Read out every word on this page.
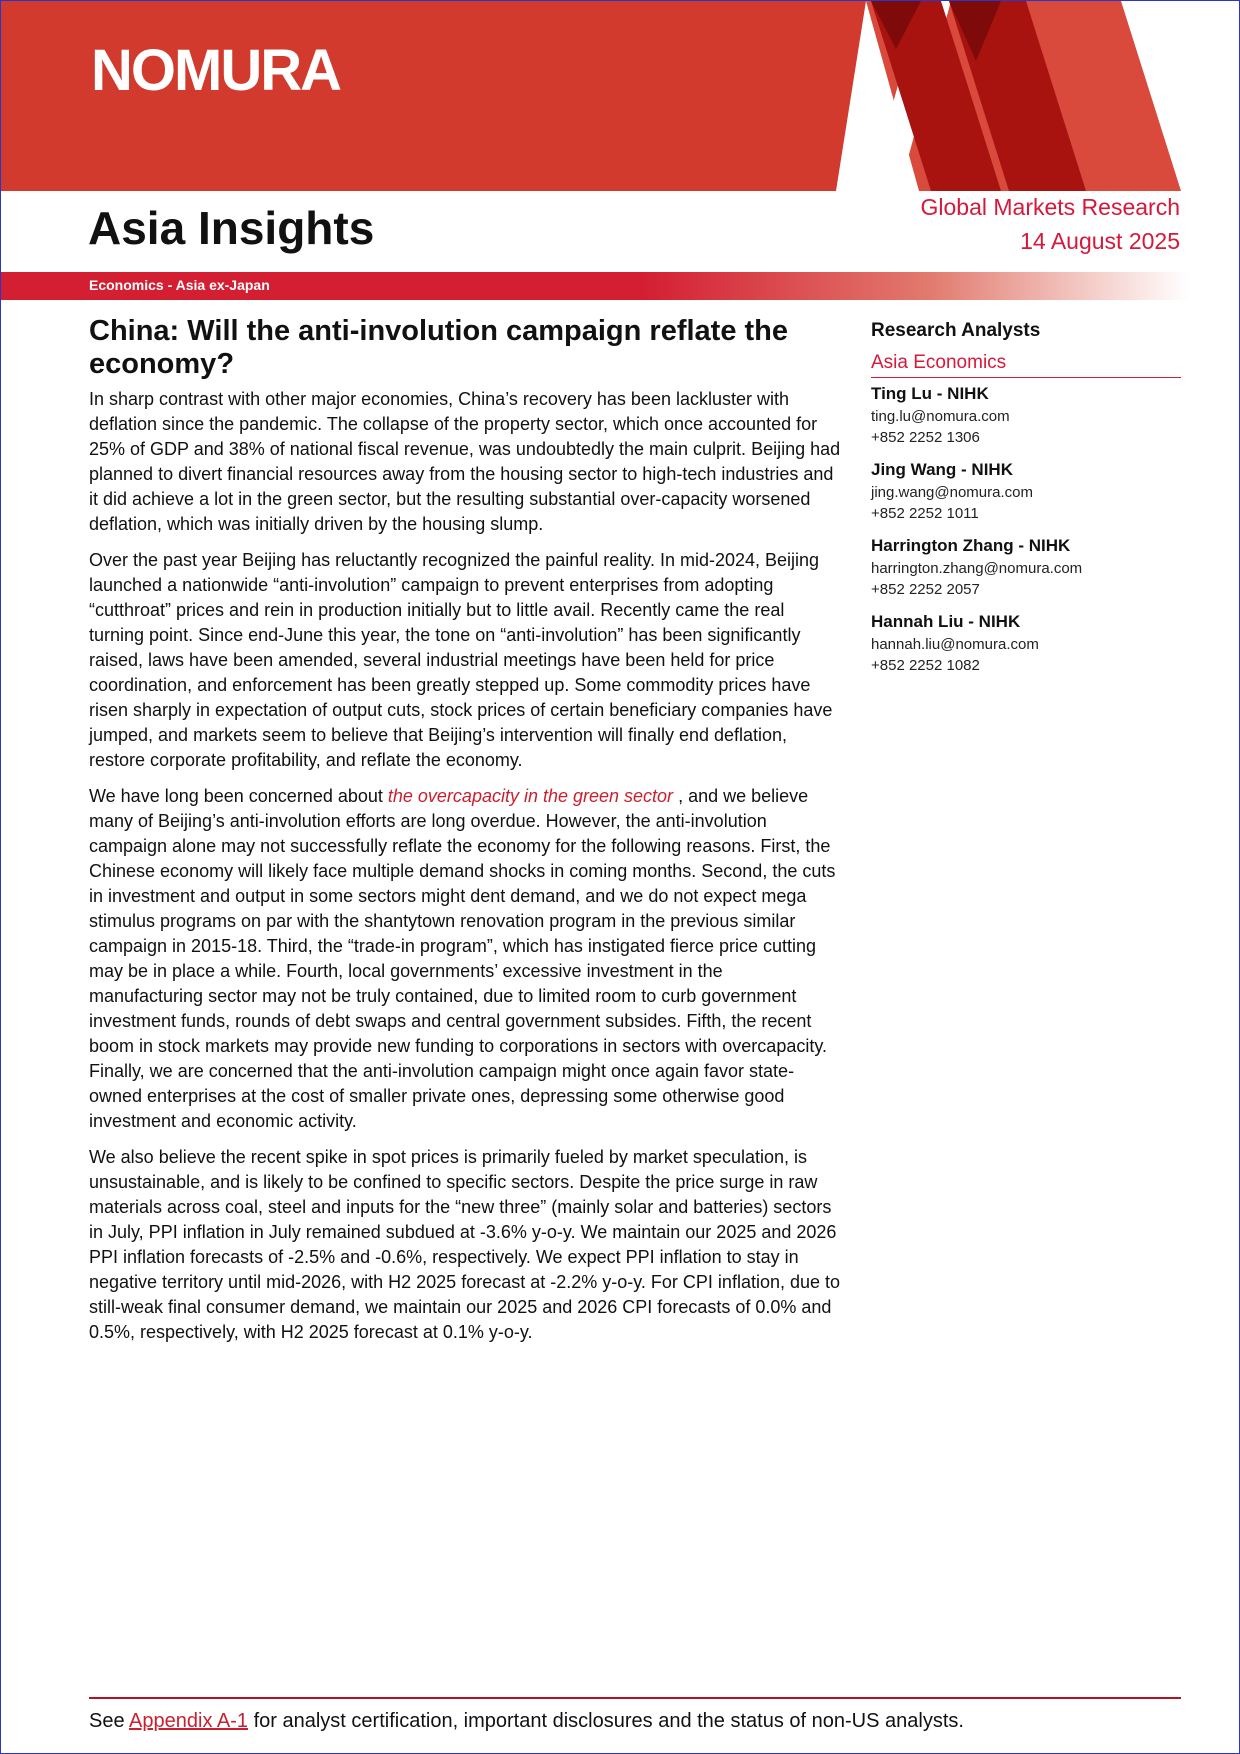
NOMURA
Asia Insights	Global Markets Research
14 August 2025
Economics - Asia ex-Japan
China: Will the anti-involution campaign reflate the economy?

In sharp contrast with other major economies, China’s recovery has been lackluster with deflation since the pandemic. The collapse of the property sector, which once accounted for 25% of GDP and 38% of national fiscal revenue, was undoubtedly the main culprit. Beijing had planned to divert financial resources away from the housing sector to high-tech industries and it did achieve a lot in the green sector, but the resulting substantial over-capacity worsened deflation, which was initially driven by the housing slump.

Over the past year Beijing has reluctantly recognized the painful reality. In mid-2024, Beijing launched a nationwide “anti-involution” campaign to prevent enterprises from adopting “cutthroat” prices and rein in production initially but to little avail. Recently came the real turning point. Since end-June this year, the tone on “anti-involution” has been significantly raised, laws have been amended, several industrial meetings have been held for price coordination, and enforcement has been greatly stepped up. Some commodity prices have risen sharply in expectation of output cuts, stock prices of certain beneficiary companies have jumped, and markets seem to believe that Beijing’s intervention will finally end deflation, restore corporate profitability, and reflate the economy.

We have long been concerned about the overcapacity in the green sector , and we believe many of Beijing’s anti-involution efforts are long overdue. However, the anti-involution campaign alone may not successfully reflate the economy for the following reasons. First, the Chinese economy will likely face multiple demand shocks in coming months. Second, the cuts in investment and output in some sectors might dent demand, and we do not expect mega stimulus programs on par with the shantytown renovation program in the previous similar campaign in 2015-18. Third, the “trade-in program”, which has instigated fierce price cutting may be in place a while. Fourth, local governments’ excessive investment in the manufacturing sector may not be truly contained, due to limited room to curb government investment funds, rounds of debt swaps and central government subsides. Fifth, the recent boom in stock markets may provide new funding to corporations in sectors with overcapacity. Finally, we are concerned that the anti-involution campaign might once again favor state-owned enterprises at the cost of smaller private ones, depressing some otherwise good investment and economic activity.

We also believe the recent spike in spot prices is primarily fueled by market speculation, is unsustainable, and is likely to be confined to specific sectors. Despite the price surge in raw materials across coal, steel and inputs for the “new three” (mainly solar and batteries) sectors in July, PPI inflation in July remained subdued at -3.6% y-o-y. We maintain our 2025 and 2026 PPI inflation forecasts of -2.5% and -0.6%, respectively. We expect PPI inflation to stay in negative territory until mid-2026, with H2 2025 forecast at -2.2% y-o-y. For CPI inflation, due to still-weak final consumer demand, we maintain our 2025 and 2026 CPI forecasts of 0.0% and 0.5%, respectively, with H2 2025 forecast at 0.1% y-o-y.

Research Analysts
Asia Economics
Ting Lu - NIHK
ting.lu@nomura.com
+852 2252 1306
Jing Wang - NIHK
jing.wang@nomura.com
+852 2252 1011
Harrington Zhang - NIHK
harrington.zhang@nomura.com
+852 2252 2057
Hannah Liu - NIHK
hannah.liu@nomura.com
+852 2252 1082
See Appendix A-1 for analyst certification, important disclosures and the status of non-US analysts.
